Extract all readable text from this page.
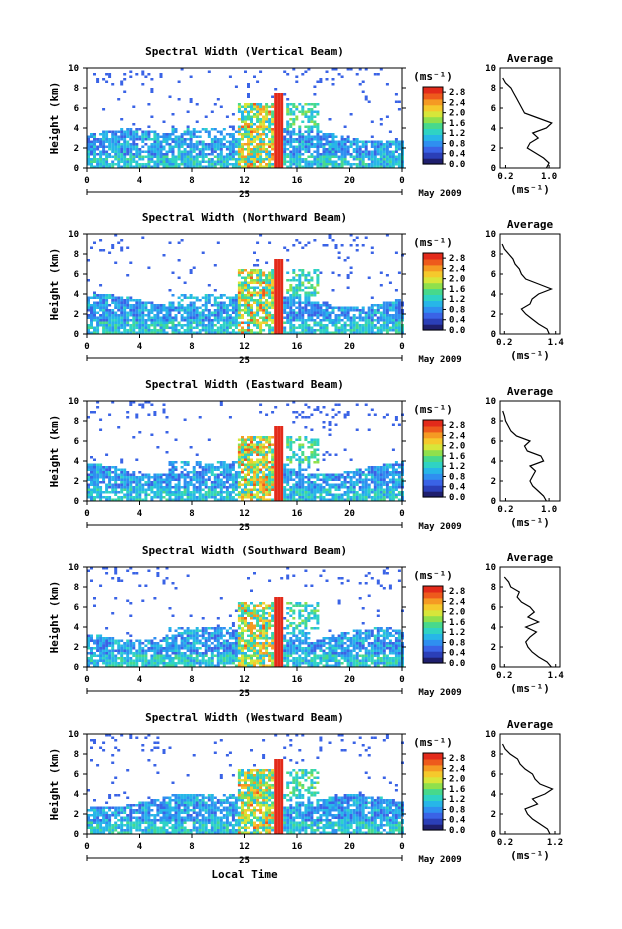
Spectral Width (Vertical Beam)
Height (km)
0
2
4
6
8
10
0	4	8	12	16	20	0
25	May 2009
(ms⁻¹)
0.0
0.4
0.8
1.2
1.6
2.0
2.4
2.8
Average
0
2
4
6
8
10
0.2	1.0
(ms⁻¹)
Spectral Width (Northward Beam)
Height (km)
0
2
4
6
8
10
0	4	8	12	16	20	0
25	May 2009
(ms⁻¹)
0.0
0.4
0.8
1.2
1.6
2.0
2.4
2.8
Average
0
2
4
6
8
10
0.2	1.4
(ms⁻¹)
Spectral Width (Eastward Beam)
Height (km)
0
2
4
6
8
10
0	4	8	12	16	20	0
25	May 2009
(ms⁻¹)
0.0
0.4
0.8
1.2
1.6
2.0
2.4
2.8
Average
0
2
4
6
8
10
0.2	1.0
(ms⁻¹)
Spectral Width (Southward Beam)
Height (km)
0
2
4
6
8
10
0	4	8	12	16	20	0
25	May 2009
(ms⁻¹)
0.0
0.4
0.8
1.2
1.6
2.0
2.4
2.8
Average
0
2
4
6
8
10
0.2	1.4
(ms⁻¹)
Spectral Width (Westward Beam)
Height (km)
0
2
4
6
8
10
0	4	8	12	16	20	0
25	May 2009
(ms⁻¹)
0.0
0.4
0.8
1.2
1.6
2.0
2.4
2.8
Average
0
2
4
6
8
10
0.2	1.2
(ms⁻¹)
Local Time
